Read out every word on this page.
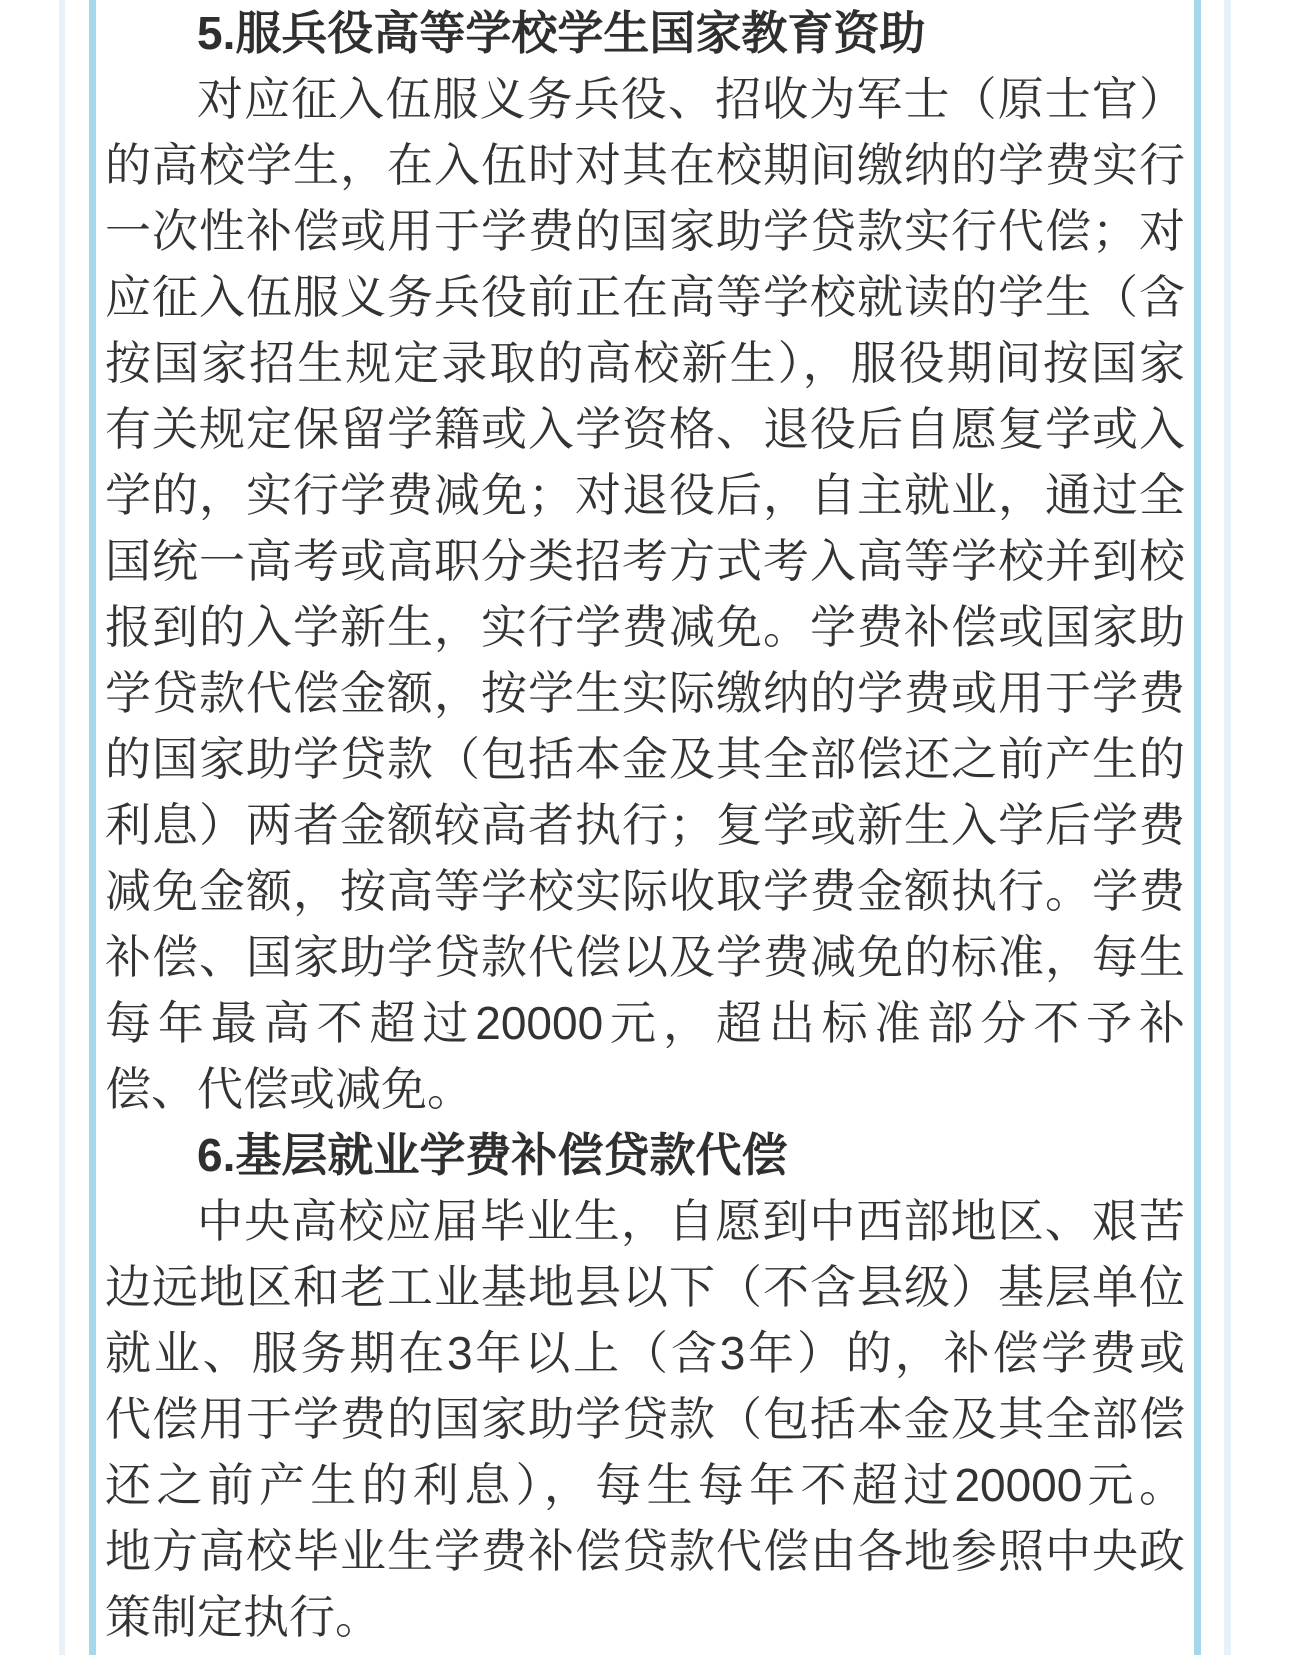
5.服兵役高等学校学生国家教育资助
对应征入伍服义务兵役、招收为军士（原士官）
的高校学生，在入伍时对其在校期间缴纳的学费实行
一次性补偿或用于学费的国家助学贷款实行代偿；对
应征入伍服义务兵役前正在高等学校就读的学生（含
按国家招生规定录取的高校新生），服役期间按国家
有关规定保留学籍或入学资格、退役后自愿复学或入
学的，实行学费减免；对退役后，自主就业，通过全
国统一高考或高职分类招考方式考入高等学校并到校
报到的入学新生，实行学费减免。学费补偿或国家助
学贷款代偿金额，按学生实际缴纳的学费或用于学费
的国家助学贷款（包括本金及其全部偿还之前产生的
利息）两者金额较高者执行；复学或新生入学后学费
减免金额，按高等学校实际收取学费金额执行。学费
补偿、国家助学贷款代偿以及学费减免的标准，每生
每年最高不超过20000元，超出标准部分不予补
偿、代偿或减免。
6.基层就业学费补偿贷款代偿
中央高校应届毕业生，自愿到中西部地区、艰苦
边远地区和老工业基地县以下（不含县级）基层单位
就业、服务期在3年以上（含3年）的，补偿学费或
代偿用于学费的国家助学贷款（包括本金及其全部偿
还之前产生的利息），每生每年不超过20000元。
地方高校毕业生学费补偿贷款代偿由各地参照中央政
策制定执行。
